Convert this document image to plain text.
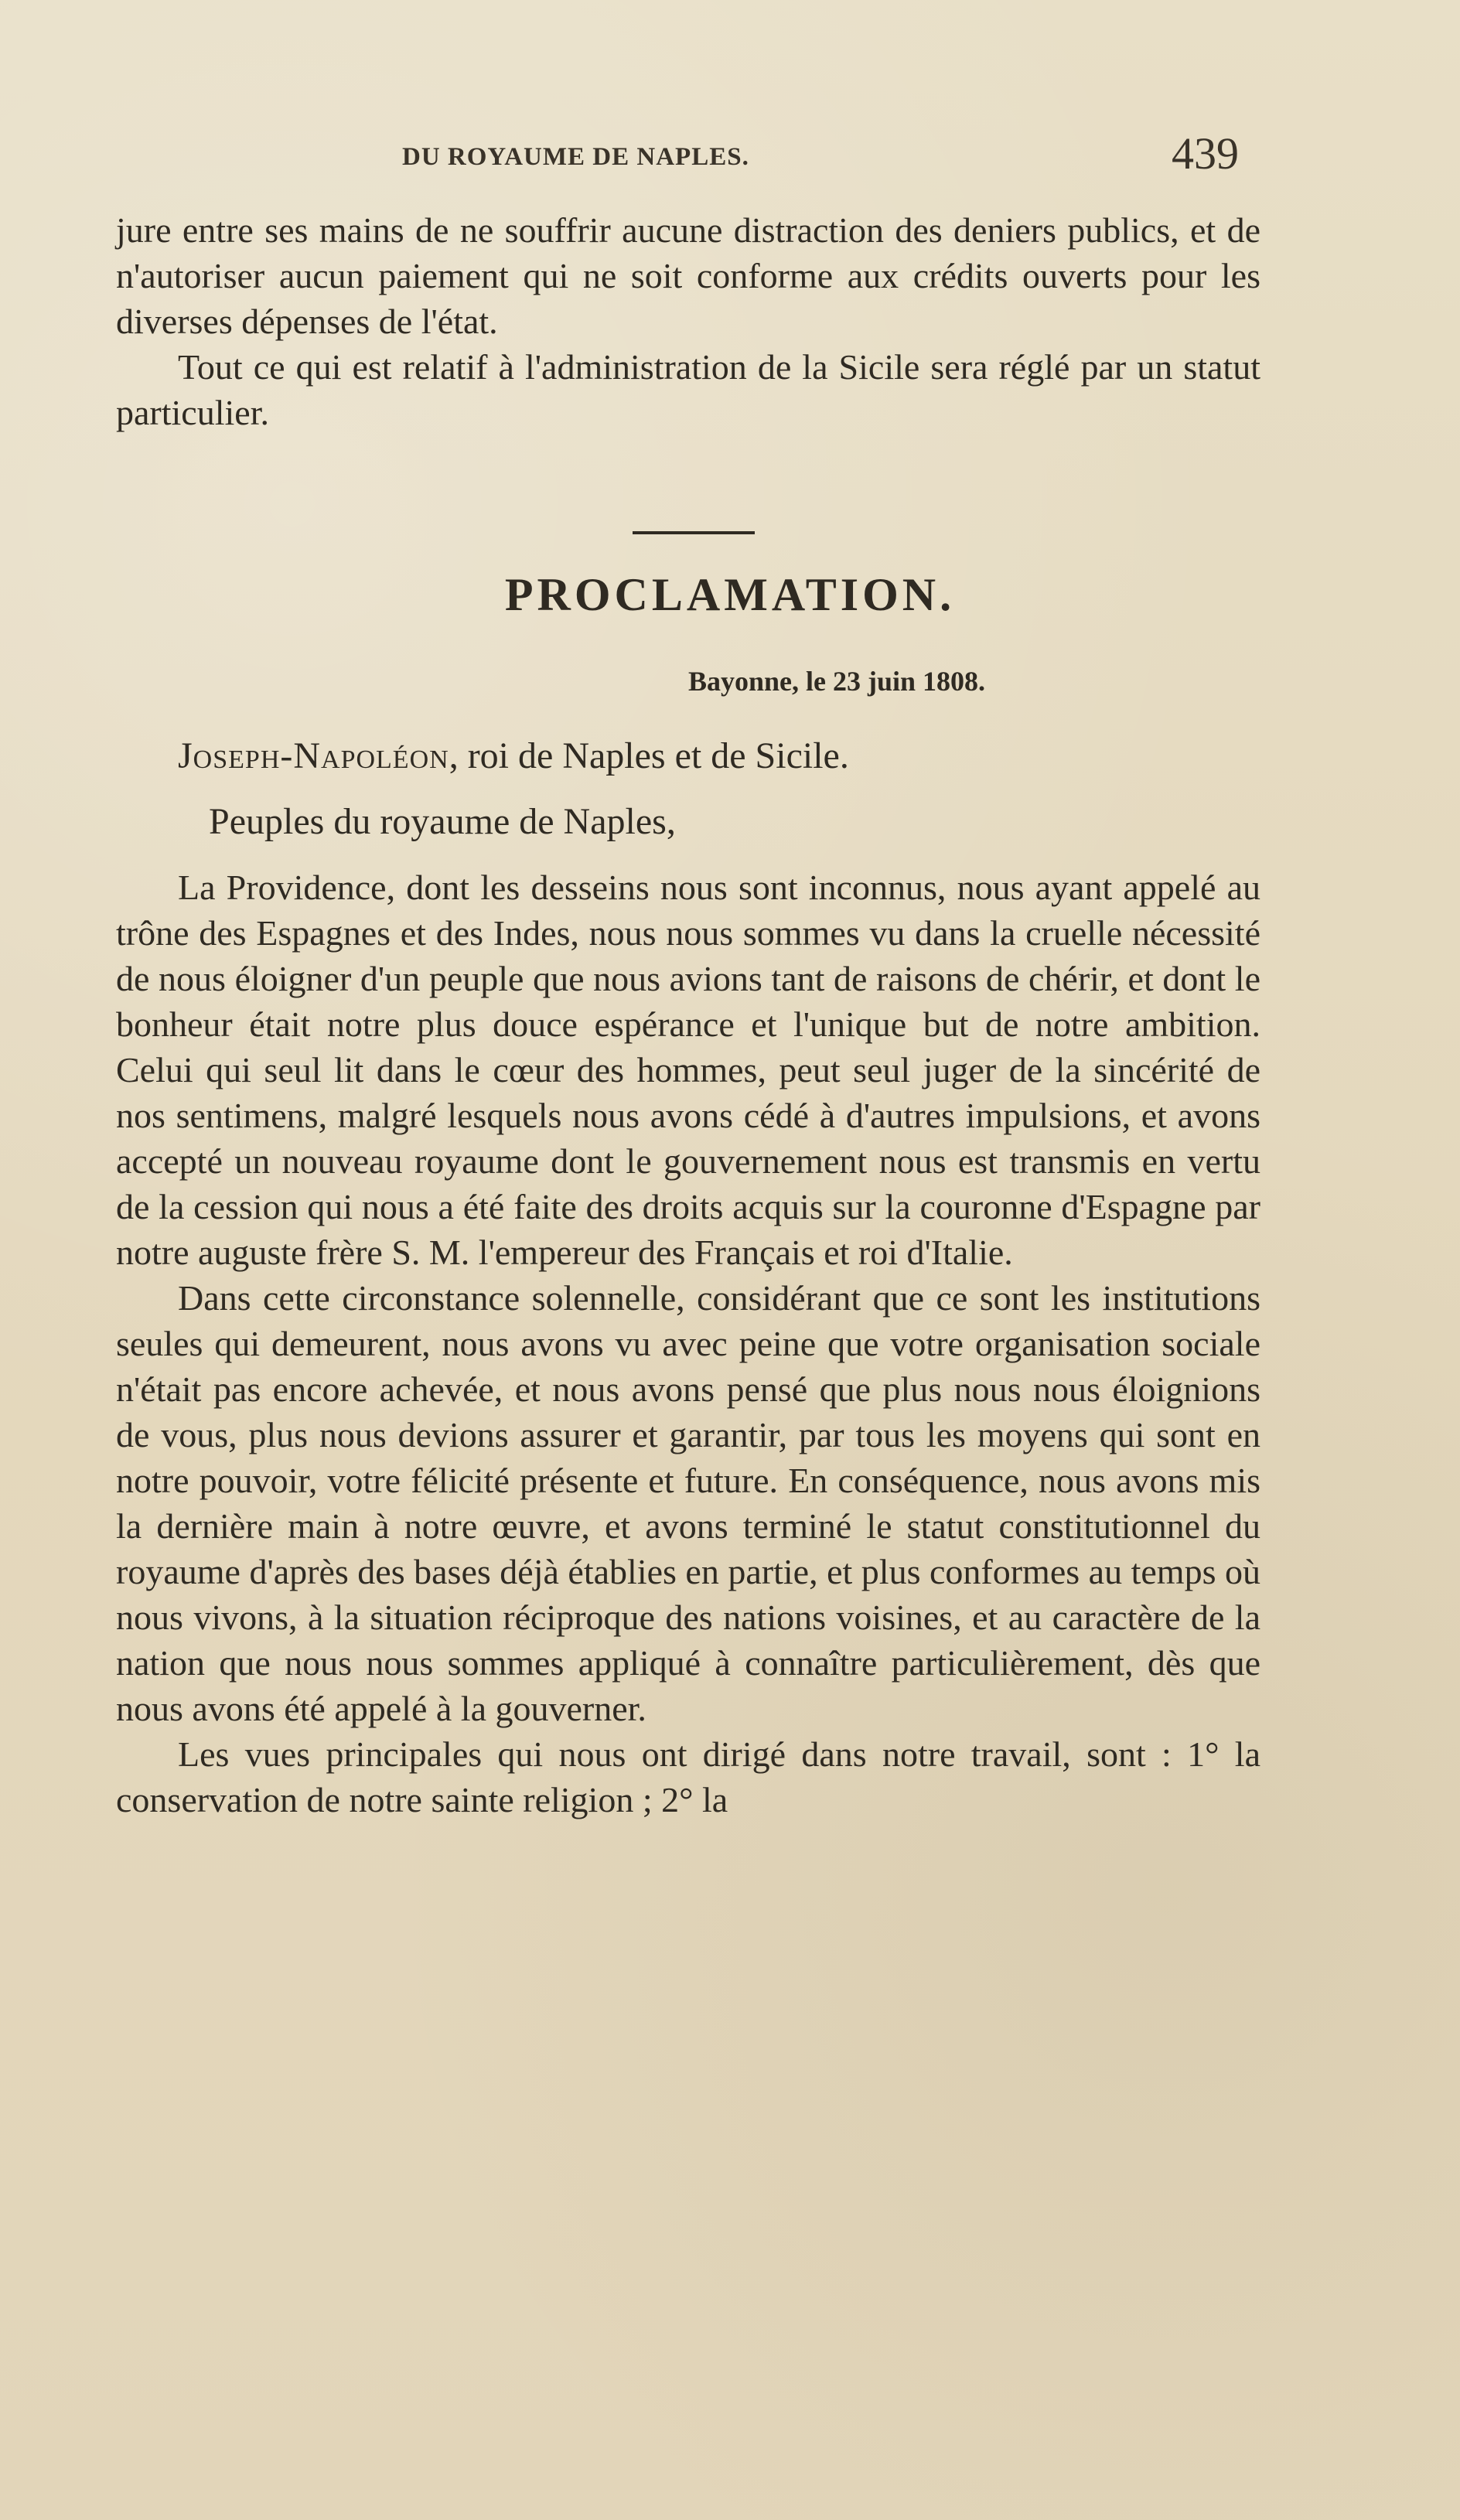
DU ROYAUME DE NAPLES.	439

jure entre ses mains de ne souffrir aucune distraction des deniers publics, et de n'autoriser aucun paiement qui ne soit conforme aux crédits ouverts pour les diverses dépenses de l'état.

Tout ce qui est relatif à l'administration de la Sicile sera réglé par un statut particulier.

PROCLAMATION.
Bayonne, le 23 juin 1808.
Joseph-Napoléon, roi de Naples et de Sicile.
Peuples du royaume de Naples,

La Providence, dont les desseins nous sont inconnus, nous ayant appelé au trône des Espagnes et des Indes, nous nous sommes vu dans la cruelle nécessité de nous éloigner d'un peuple que nous avions tant de raisons de chérir, et dont le bonheur était notre plus douce espérance et l'unique but de notre ambition. Celui qui seul lit dans le cœur des hommes, peut seul juger de la sincérité de nos sentimens, malgré lesquels nous avons cédé à d'autres impulsions, et avons accepté un nouveau royaume dont le gouvernement nous est transmis en vertu de la cession qui nous a été faite des droits acquis sur la couronne d'Espagne par notre auguste frère S. M. l'empereur des Français et roi d'Italie.

Dans cette circonstance solennelle, considérant que ce sont les institutions seules qui demeurent, nous avons vu avec peine que votre organisation sociale n'était pas encore achevée, et nous avons pensé que plus nous nous éloignions de vous, plus nous devions assurer et garantir, par tous les moyens qui sont en notre pouvoir, votre félicité présente et future. En conséquence, nous avons mis la dernière main à notre œuvre, et avons terminé le statut constitutionnel du royaume d'après des bases déjà établies en partie, et plus conformes au temps où nous vivons, à la situation réciproque des nations voisines, et au caractère de la nation que nous nous sommes appliqué à connaître particulièrement, dès que nous avons été appelé à la gouverner.

Les vues principales qui nous ont dirigé dans notre travail, sont : 1° la conservation de notre sainte religion ; 2° la
